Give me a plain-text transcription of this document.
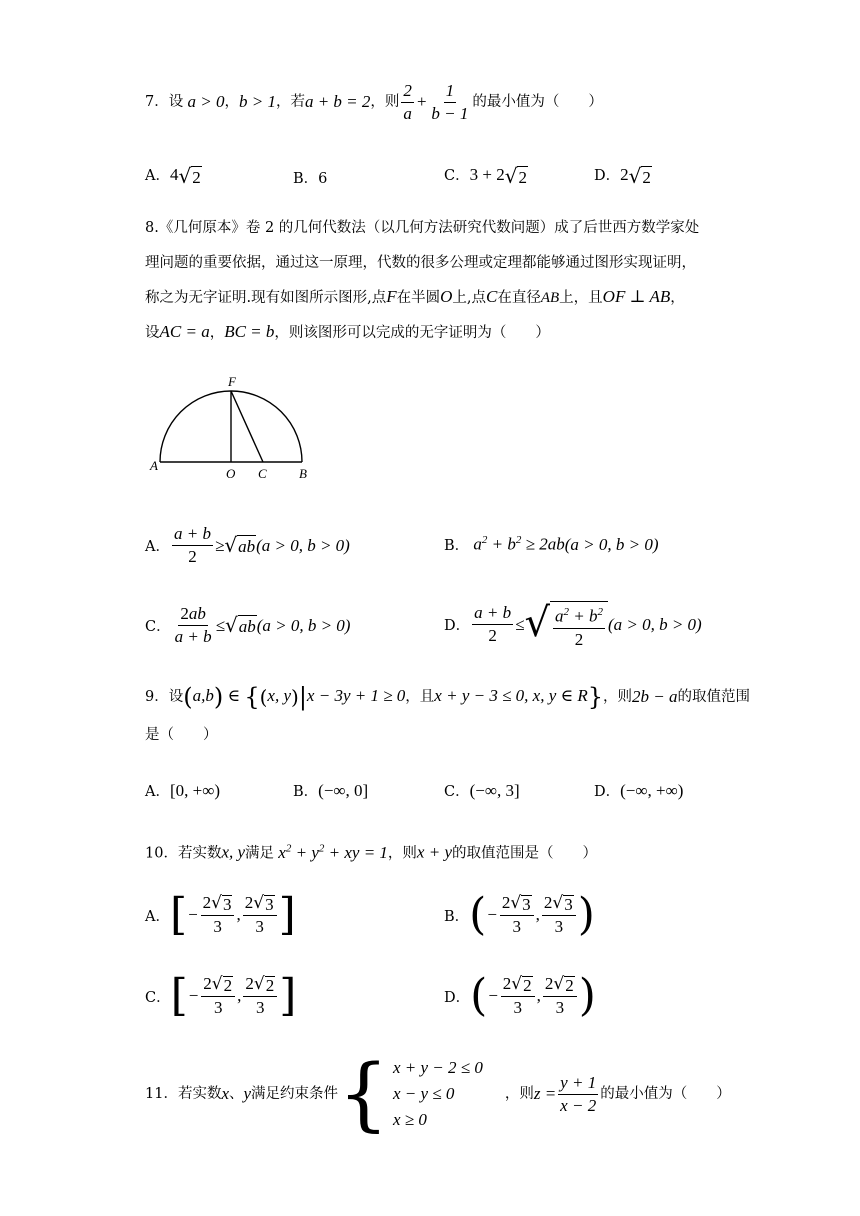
7．设 a > 0 ， b > 1 ，若 a + b = 2 ，则 $\frac{2}{a} + \frac{1}{b - 1}$ 的最小值为（　　）
A．4 √ 2	B．6	C．3 + 2 √ 2	D．2 √ 2
8.《几何原本》卷 2 的几何代数法（以几何方法研究代数问题）成了后世西方数学家处
理问题的重要依据，通过这一原理，代数的很多公理或定理都能够通过图形实现证明，
称之为无字证明.现有如图所示图形,点F在半圆O上,点C在直径AB上，且OF ⊥ AB，
设AC = a，BC = b，则该图形可以完成的无字证明为（　　）
F
A
O C B
A． $\frac{a + b}{2}$ ≥ √ ab (a > 0, b > 0)	B． $a^2 + b^2 \ge 2ab$ (a > 0, b > 0)
C． $\frac{2ab}{a + b}$ ≤ √ ab (a > 0, b > 0)	D． $\frac{a + b}{2}$ ≤ √ $\frac{a^2 + b^2}{2} (a > 0$, b > 0)
9．设 (a,b) ∈ {(x, y)|x − 3y + 1 ≥ 0 ，且 x + y − 3 ≤ 0, x, y ∈ R} ，则 2b − a 的取值范围
是（　　）
A．[0, +∞)	B．(−∞, 0]	C．(−∞, 3]	D．(−∞, +∞)
10．若实数x, y满足 $x^2 + y^2$ + xy = 1，则x + y的取值范围是（　　）
A． [ − $\frac{2 √ 3}{3}$ , $\frac{2 √ 3}{3}$ ]	B． ( − $\frac{2 √ 3}{3}$ , $\frac{2 √ 3}{3}$ )
C． [ − $\frac{2 √ 2}{3}$ , $\frac{2 √ 2}{3}$ ]	D． ( − $\frac{2 √ 2}{3}$ , $\frac{2 √ 2}{3}$ )
11．若实数 x 、 y 满足约束条件 { x + y − 2 ≤ 0
x − y ≤ 0
x ≥ 0
，则 $z = \frac{y + 1}{x - 2}$ 的最小值为（　　）
